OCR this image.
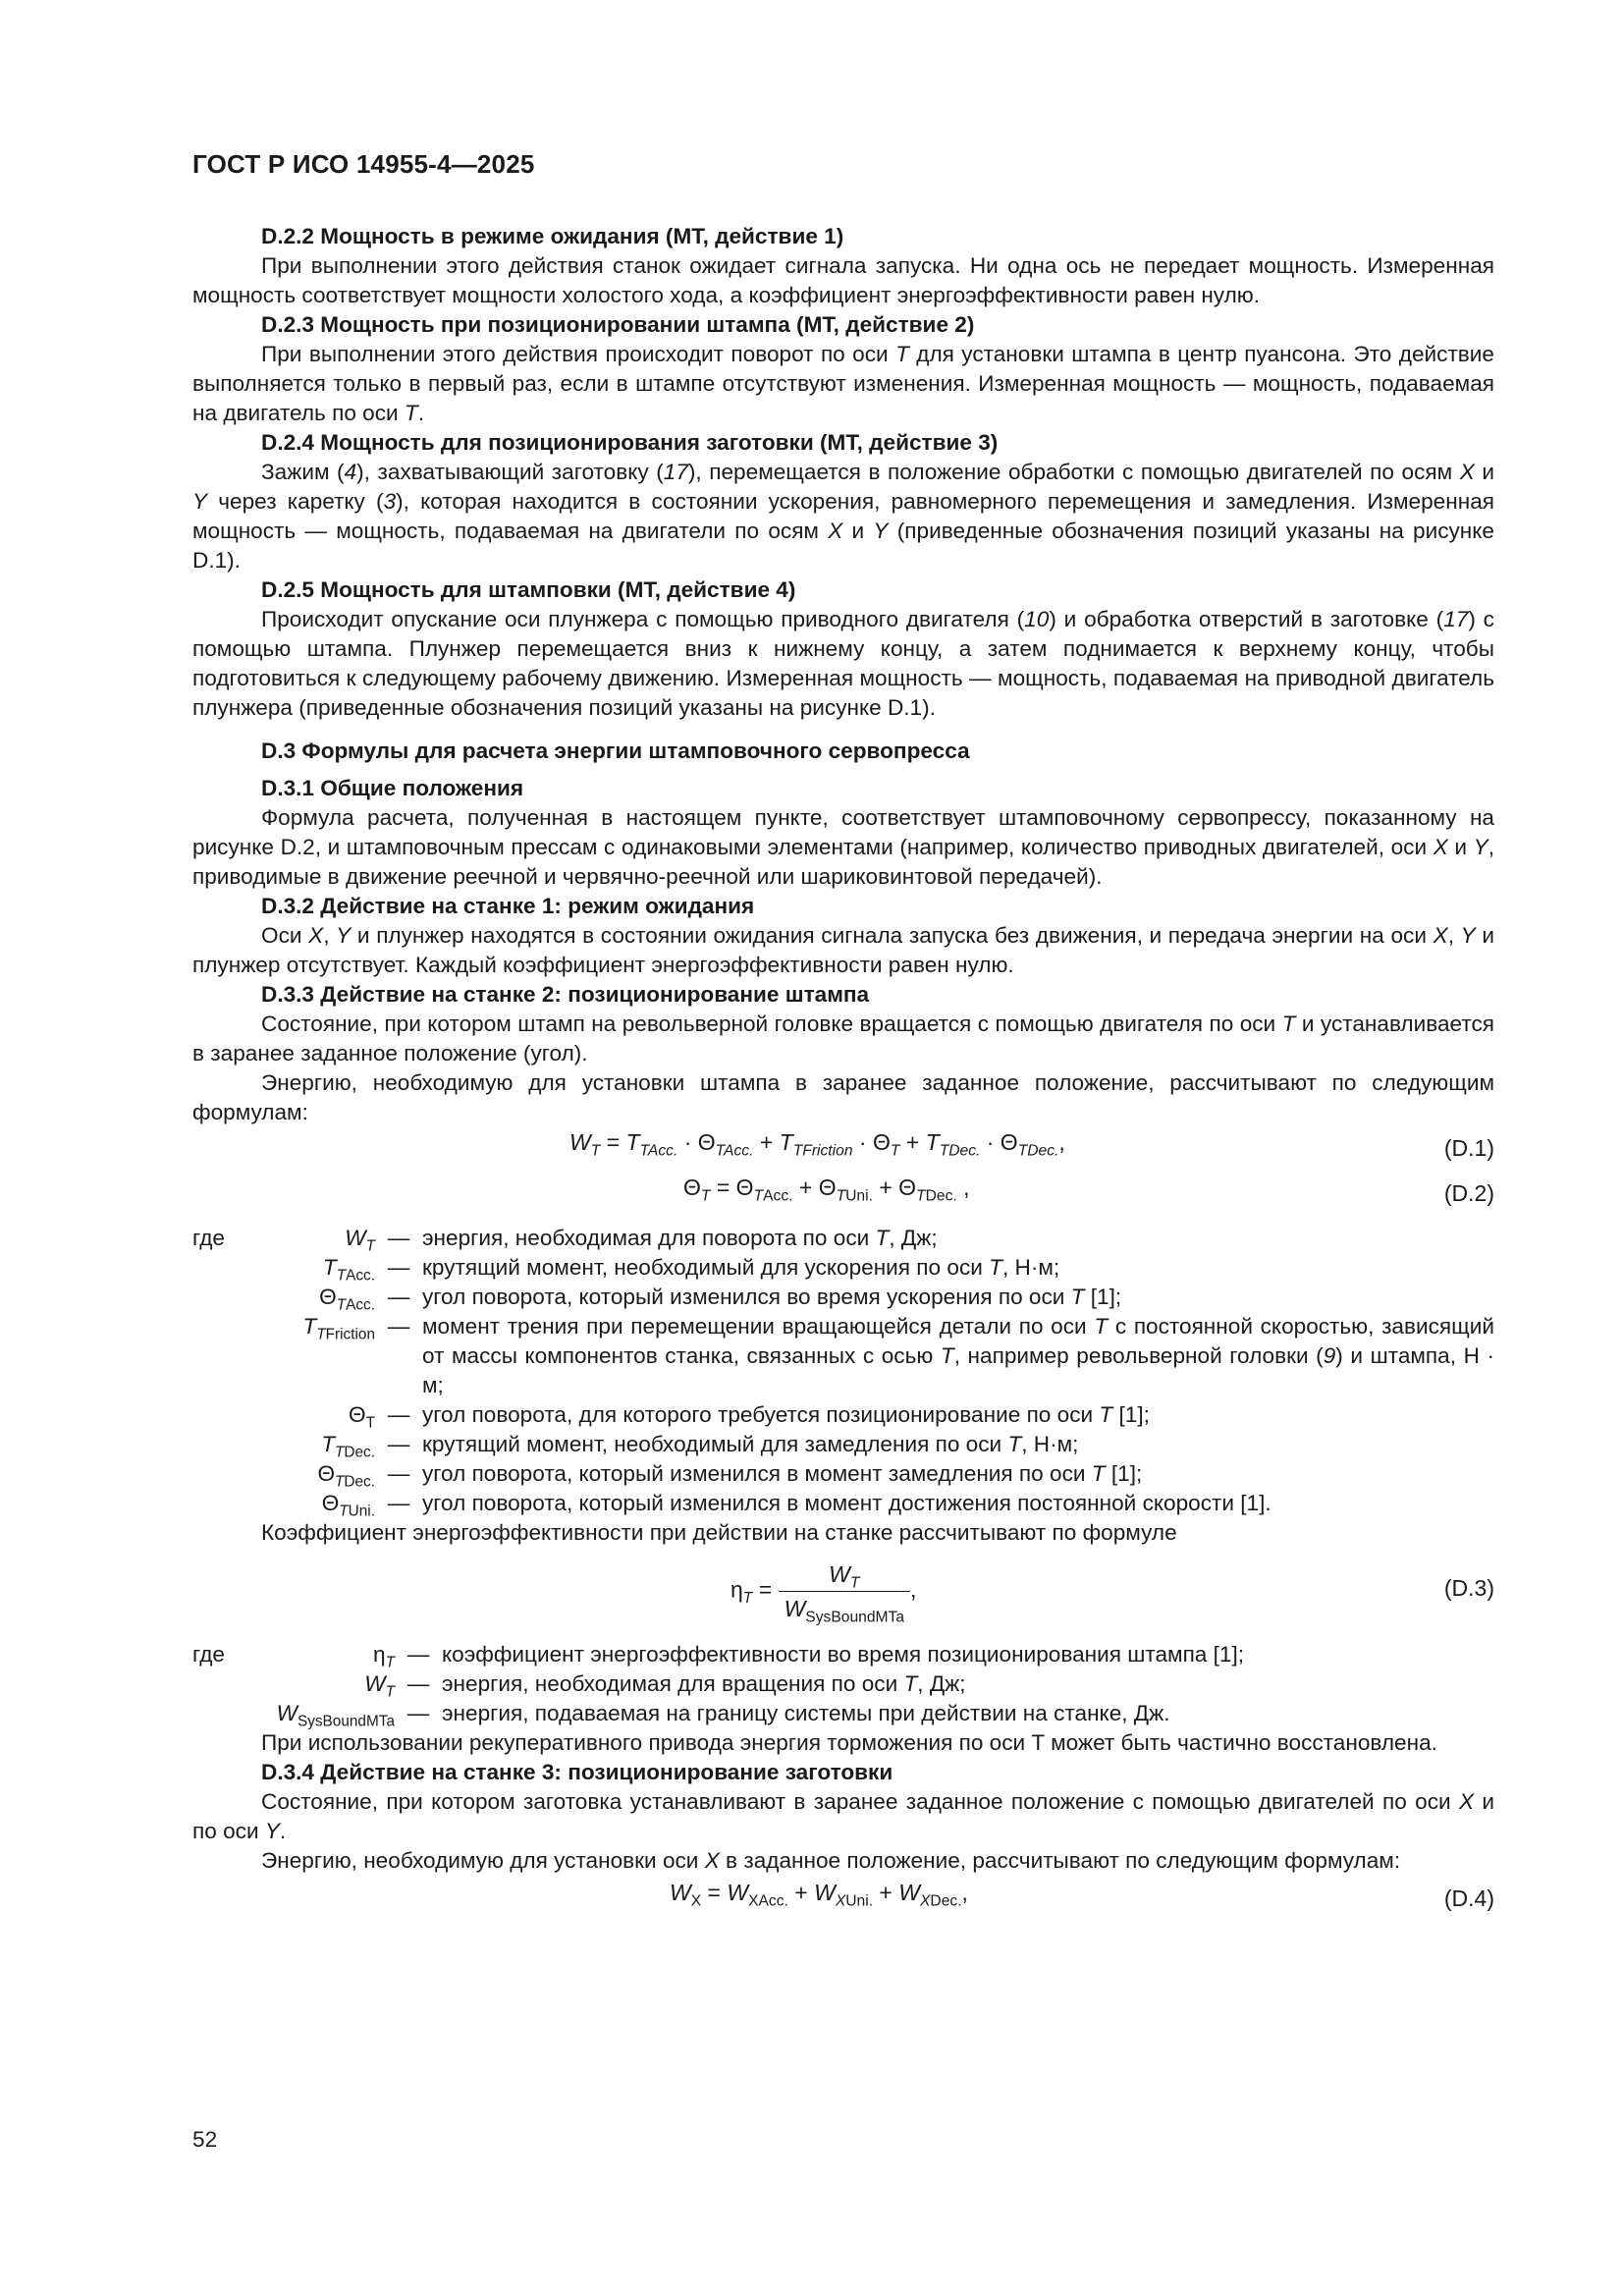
ГОСТ Р ИСО 14955-4—2025

D.2.2 Мощность в режиме ожидания (MT, действие 1)

При выполнении этого действия станок ожидает сигнала запуска. Ни одна ось не передает мощность. Измеренная мощность соответствует мощности холостого хода, а коэффициент энергоэффективности равен нулю.

D.2.3 Мощность при позиционировании штампа (MT, действие 2)

При выполнении этого действия происходит поворот по оси T для установки штампа в центр пуансона. Это действие выполняется только в первый раз, если в штампе отсутствуют изменения. Измеренная мощность — мощность, подаваемая на двигатель по оси T.

D.2.4 Мощность для позиционирования заготовки (MT, действие 3)

Зажим (4), захватывающий заготовку (17), перемещается в положение обработки с помощью двигателей по осям X и Y через каретку (3), которая находится в состоянии ускорения, равномерного перемещения и замедления. Измеренная мощность — мощность, подаваемая на двигатели по осям X и Y (приведенные обозначения позиций указаны на рисунке D.1).

D.2.5 Мощность для штамповки (MT, действие 4)

Происходит опускание оси плунжера с помощью приводного двигателя (10) и обработка отверстий в заготовке (17) с помощью штампа. Плунжер перемещается вниз к нижнему концу, а затем поднимается к верхнему концу, чтобы подготовиться к следующему рабочему движению. Измеренная мощность — мощность, подаваемая на приводной двигатель плунжера (приведенные обозначения позиций указаны на рисунке D.1).

D.3 Формулы для расчета энергии штамповочного сервопресса

D.3.1 Общие положения

Формула расчета, полученная в настоящем пункте, соответствует штамповочному сервопрессу, показанному на рисунке D.2, и штамповочным прессам с одинаковыми элементами (например, количество приводных двигателей, оси X и Y, приводимые в движение реечной и червячно-реечной или шариковинтовой передачей).

D.3.2 Действие на станке 1: режим ожидания

Оси X, Y и плунжер находятся в состоянии ожидания сигнала запуска без движения, и передача энергии на оси X, Y и плунжер отсутствует. Каждый коэффициент энергоэффективности равен нулю.

D.3.3 Действие на станке 2: позиционирование штампа

Состояние, при котором штамп на револьверной головке вращается с помощью двигателя по оси T и устанавливается в заранее заданное положение (угол).

Энергию, необходимую для установки штампа в заранее заданное положение, рассчитывают по следующим формулам:

$W_T = T_{TAcc.} \cdot \Theta_{TAcc.} + T_{TFriction} \cdot \Theta_T + T_{TDec.} \cdot \Theta_{TDec.}$,	(D.1)
$\Theta_T = \Theta_{TAcc.} + \Theta_{TUni.} + \Theta_{TDec.}$ ,	(D.2)
где	$W_T$ — энергия, необходимая для поворота по оси T, Дж;
$T_{TAcc.}$ — крутящий момент, необходимый для ускорения по оси T, Н·м;
$\Theta_{TAcc.}$ — угол поворота, который изменился во время ускорения по оси T [1];
$T_{TFriction}$ — момент трения при перемещении вращающейся детали по оси T с постоянной скоростью, зависящий от массы компонентов станка, связанных с осью T, например револьверной головки (9) и штампа, Н · м;
$\Theta_T$ — угол поворота, для которого требуется позиционирование по оси T [1];
$T_{TDec.}$ — крутящий момент, необходимый для замедления по оси T, Н·м;
$\Theta_{TDec.}$ — угол поворота, который изменился в момент замедления по оси T [1];
$\Theta_{TUni.}$ — угол поворота, который изменился в момент достижения постоянной скорости [1].

Коэффициент энергоэффективности при действии на станке рассчитывают по формуле

$\eta_T = \frac{W_T}{W_{SysBoundMTa}}$ ,	(D.3)
где	$\eta_T$ — коэффициент энергоэффективности во время позиционирования штампа [1];
$W_T$ — энергия, необходимая для вращения по оси T, Дж;
$W_{SysBoundMTa}$ — энергия, подаваемая на границу системы при действии на станке, Дж.

При использовании рекуперативного привода энергия торможения по оси T может быть частично восстановлена.

D.3.4 Действие на станке 3: позиционирование заготовки

Состояние, при котором заготовка устанавливают в заранее заданное положение с помощью двигателей по оси X и по оси Y.

Энергию, необходимую для установки оси X в заданное положение, рассчитывают по следующим формулам:

$W_X = W_{XAcc.} + W_{XUni.} + W_{XDec.}$,	(D.4)
52
